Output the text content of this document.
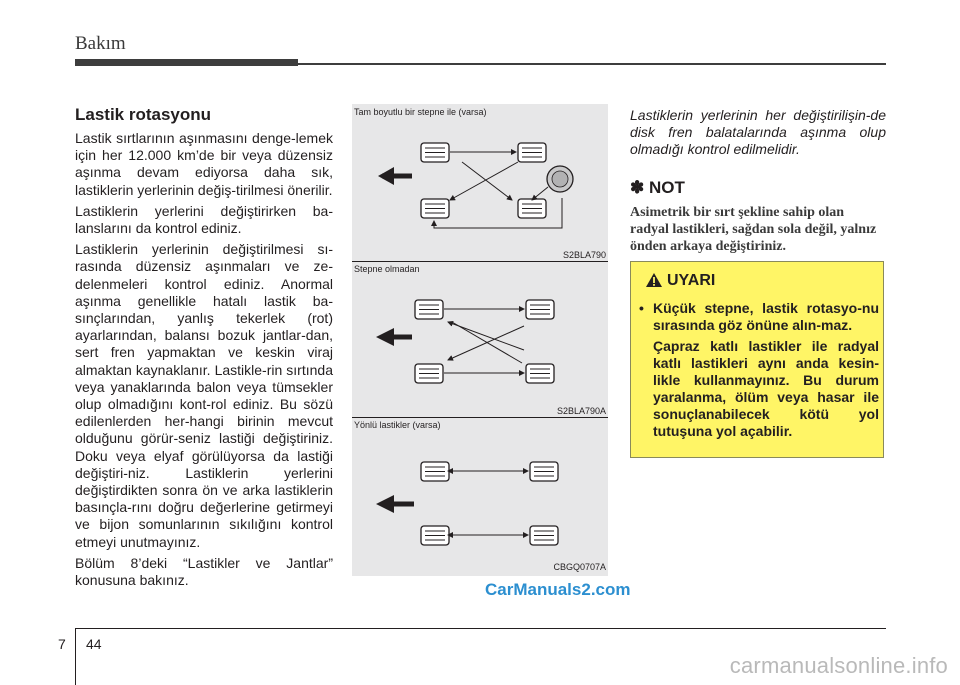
Bakım
Lastik rotasyonu

Lastik sırtlarının aşınmasını denge-lemek için her 12.000 km’de bir veya düzensiz aşınma devam ediyorsa daha sık, lastiklerin yerlerinin değiş-tirilmesi önerilir.

Lastiklerin yerlerini değiştirirken ba-lanslarını da kontrol ediniz.

Lastiklerin yerlerinin değiştirilmesi sı-rasında düzensiz aşınmaları ve ze-delenmeleri kontrol ediniz. Anormal aşınma genellikle hatalı lastik ba-sınçlarından, yanlış tekerlek (rot) ayarlarından, balansı bozuk jantlar-dan, sert fren yapmaktan ve keskin viraj almaktan kaynaklanır. Lastikle-rin sırtında veya yanaklarında balon veya tümsekler olup olmadığını kont-rol ediniz. Bu sözü edilenlerden her-hangi birinin mevcut olduğunu görür-seniz lastiği değiştiriniz. Doku veya elyaf görülüyorsa da lastiği değiştiri-niz. Lastiklerin yerlerini değiştirdikten sonra ön ve arka lastiklerin basınçla-rını doğru değerlerine getirmeyi ve bijon somunlarının sıkılığını kontrol etmeyi unutmayınız.

Bölüm 8’deki “Lastikler ve Jantlar” konusuna bakınız.

Tam boyutlu bir stepne ile (varsa)
S2BLA790
Stepne olmadan
S2BLA790A
Yönlü lastikler (varsa)
CBGQ0707A
Lastiklerin yerlerinin her değiştirilişin-de disk fren balatalarında aşınma olup olmadığı kontrol edilmelidir.
✽ NOT
Asimetrik bir sırt şekline sahip olan radyal lastikleri, sağdan sola değil, yalnız önden arkaya değiştiriniz.
UYARI
• Küçük stepne, lastik rotasyo-nu sırasında göz önüne alın-maz.

Çapraz katlı lastikler ile radyal katlı lastikleri aynı anda kesin-likle kullanmayınız. Bu durum yaralanma, ölüm veya hasar ile sonuçlanabilecek kötü yol tutuşuna yol açabilir.

CarManuals2.com
7 44
carmanualsonline.info
